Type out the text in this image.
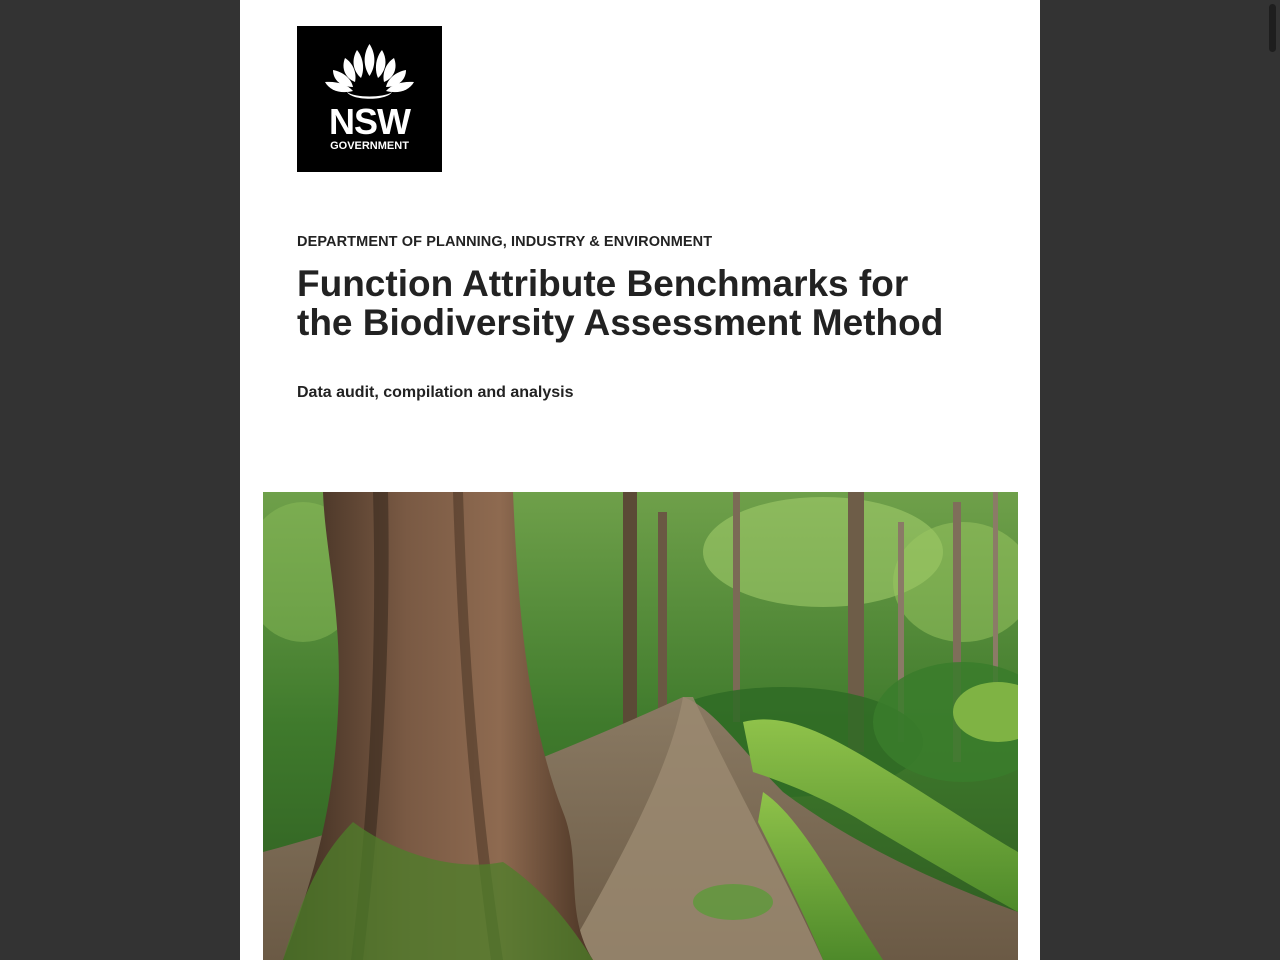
NSW
GOVERNMENT
DEPARTMENT OF PLANNING, INDUSTRY & ENVIRONMENT
Function Attribute Benchmarks for the Biodiversity Assessment Method
Data audit, compilation and analysis
